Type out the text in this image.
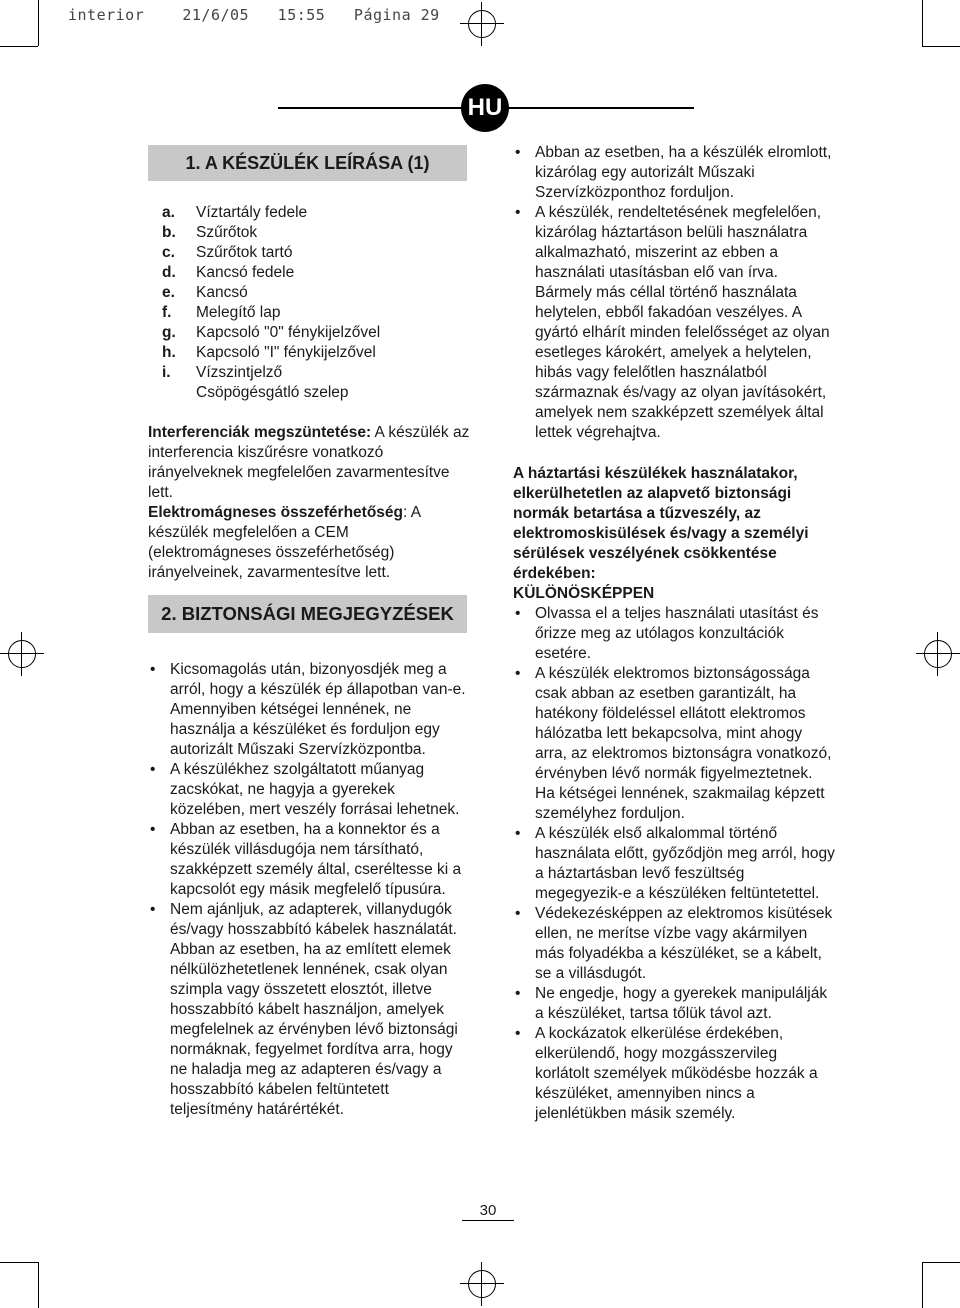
interior    21/6/05   15:55   Página 29
HU
1. A KÉSZÜLÉK LEÍRÁSA (1)
a. Víztartály fedele
b. Szűrőtok
c. Szűrőtok tartó
d. Kancsó fedele
e. Kancsó
f. Melegítő lap
g. Kapcsoló "0" fénykijelzővel
h. Kapcsoló "I" fénykijelzővel
i. Vízszintjelző
Csöpögésgátló szelep

Interferenciák megszüntetése: A készülék az interferencia kiszűrésre vonatkozó irányelveknek megfelelően zavarmentesítve lett.

Elektromágneses összeférhetőség: A készülék megfelelően a CEM (elektromágneses összeférhetőség) irányelveinek, zavarmentesítve lett.

2. BIZTONSÁGI MEGJEGYZÉSEK
• Kicsomagolás után, bizonyosdjék meg a arról, hogy a készülék ép állapotban van-e. Amennyiben kétségei lennének, ne használja a készüléket és forduljon egy autorizált Műszaki Szervízközpontba.
• A készülékhez szolgáltatott műanyag zacskókat, ne hagyja a gyerekek közelében, mert veszély forrásai lehetnek.
• Abban az esetben, ha a konnektor és a készülék villásdugója nem társítható, szakképzett személy által, cseréltesse ki a kapcsolót egy másik megfelelő típusúra.
• Nem ajánljuk, az adapterek, villanydugók és/vagy hosszabbító kábelek használatát. Abban az esetben, ha az említett elemek nélkülözhetetlenek lennének, csak olyan szimpla vagy összetett elosztót, illetve hosszabbító kábelt használjon, amelyek megfelelnek az érvényben lévő biztonsági normáknak, fegyelmet fordítva arra, hogy ne haladja meg az adapteren és/vagy a hosszabbító kábelen feltüntetett teljesítmény határértékét.
• Abban az esetben, ha a készülék elromlott, kizárólag egy autorizált Műszaki Szervízközponthoz forduljon.
• A készülék, rendeltetésének megfelelően, kizárólag háztartáson belüli használatra alkalmazható, miszerint az ebben a használati utasításban elő van írva. Bármely más céllal történő használata helytelen, ebből fakadóan veszélyes. A gyártó elhárít minden felelősséget az olyan esetleges károkért, amelyek a helytelen, hibás vagy felelőtlen használatból származnak és/vagy az olyan javításokért, amelyek nem szakképzett személyek által lettek végrehajtva.

A háztartási készülékek használatakor, elkerülhetetlen az alapvető biztonsági normák betartása a tűzveszély, az elektromoskisülések és/vagy a személyi sérülések veszélyének csökkentése érdekében:

KÜLÖNÖSKÉPPEN

• Olvassa el a teljes használati utasítást és őrizze meg az utólagos konzultációk esetére.
• A készülék elektromos biztonságossága csak abban az esetben garantizált, ha hatékony földeléssel ellátott elektromos hálózatba lett bekapcsolva, mint ahogy arra, az elektromos biztonságra vonatkozó, érvényben lévő normák figyelmeztetnek. Ha kétségei lennének, szakmailag képzett személyhez forduljon.
• A készülék első alkalommal történő használata előtt, győződjön meg arról, hogy a háztartásban levő feszültség megegyezik-e a készüléken feltüntetettel.
• Védekezésképpen az elektromos kisütések ellen, ne merítse vízbe vagy akármilyen más folyadékba a készüléket, se a kábelt, se a villásdugót.
• Ne engedje, hogy a gyerekek manipulálják a készüléket, tartsa tőlük távol azt.
• A kockázatok elkerülése érdekében, elkerülendő, hogy mozgásszervileg korlátolt személyek működésbe hozzák a készüléket, amennyiben nincs a jelenlétükben másik személy.
30
